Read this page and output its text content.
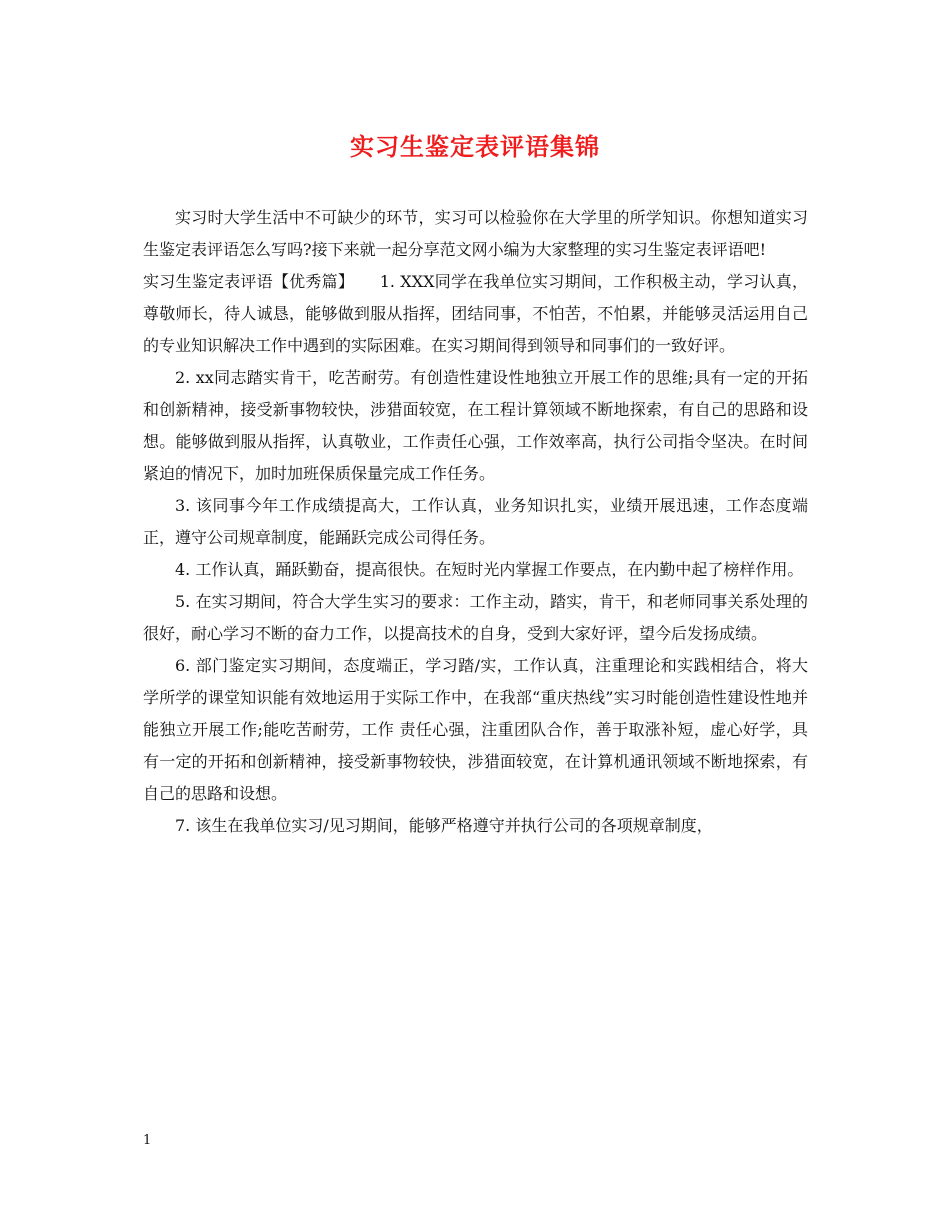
实习生鉴定表评语集锦

实习时大学生活中不可缺少的环节，实习可以检验你在大学里的所学知识。你想知道实习生鉴定表评语怎么写吗?接下来就一起分享范文网小编为大家整理的实习生鉴定表评语吧!

实习生鉴定表评语【优秀篇】 1. XXX同学在我单位实习期间，工作积极主动，学习认真，尊敬师长，待人诚恳，能够做到服从指挥，团结同事，不怕苦，不怕累，并能够灵活运用自己的专业知识解决工作中遇到的实际困难。在实习期间得到领导和同事们的一致好评。

2. xx同志踏实肯干，吃苦耐劳。有创造性建设性地独立开展工作的思维;具有一定的开拓和创新精神，接受新事物较快，涉猎面较宽，在工程计算领域不断地探索，有自己的思路和设想。能够做到服从指挥，认真敬业，工作责任心强，工作效率高，执行公司指令坚决。在时间紧迫的情况下，加时加班保质保量完成工作任务。

3. 该同事今年工作成绩提高大，工作认真，业务知识扎实，业绩开展迅速，工作态度端正，遵守公司规章制度，能踊跃完成公司得任务。

4. 工作认真，踊跃勤奋，提高很快。在短时光内掌握工作要点，在内勤中起了榜样作用。

5. 在实习期间，符合大学生实习的要求：工作主动，踏实，肯干，和老师同事关系处理的很好，耐心学习不断的奋力工作，以提高技术的自身，受到大家好评，望今后发扬成绩。

6. 部门鉴定实习期间，态度端正，学习踏/实，工作认真，注重理论和实践相结合，将大学所学的课堂知识能有效地运用于实际工作中，在我部“重庆热线”实习时能创造性建设性地并能独立开展工作;能吃苦耐劳，工作 责任心强，注重团队合作，善于取涨补短，虚心好学，具有一定的开拓和创新精神，接受新事物较快，涉猎面较宽，在计算机通讯领域不断地探索，有自己的思路和设想。

7. 该生在我单位实习/见习期间，能够严格遵守并执行公司的各项规章制度，

1
